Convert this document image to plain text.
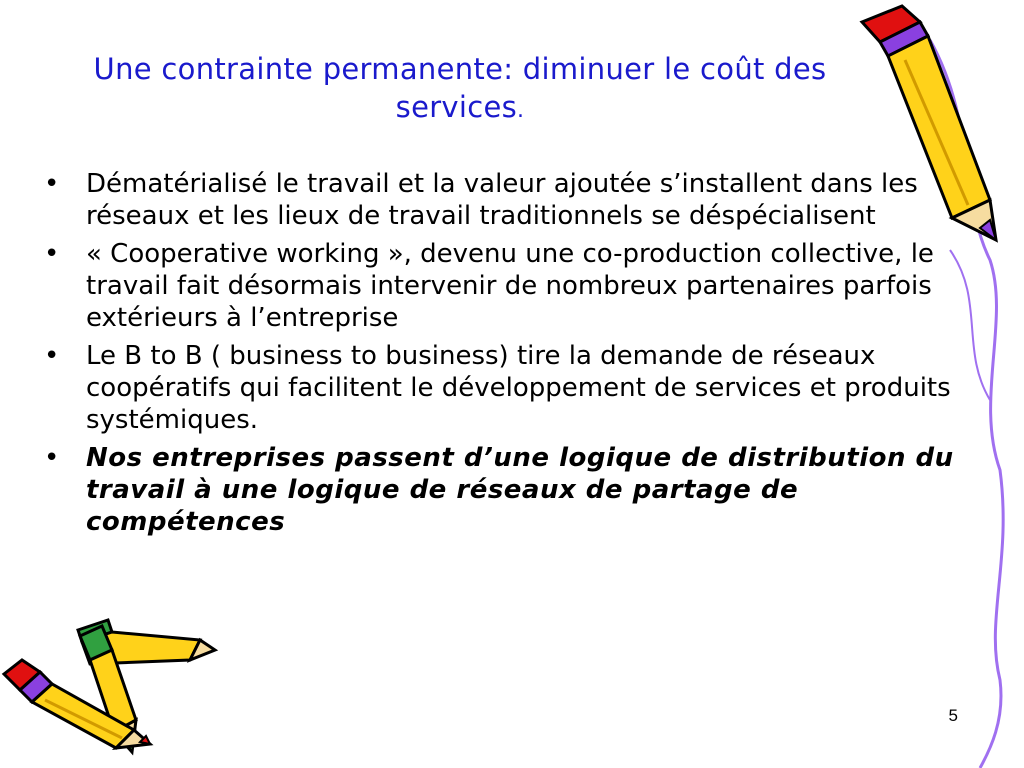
Une contrainte permanente: diminuer le coût des services.
• Dématérialisé le travail et la valeur ajoutée s’installent dans les réseaux et les lieux de travail traditionnels se déspécialisent
• « Cooperative working », devenu une co-production collective, le travail fait désormais intervenir de nombreux partenaires parfois extérieurs à l’entreprise
• Le B to B ( business to business) tire la demande de réseaux coopératifs qui facilitent le développement de services et produits systémiques.
• Nos entreprises passent d’une logique de distribution du travail à une logique de réseaux de partage de compétences
5
